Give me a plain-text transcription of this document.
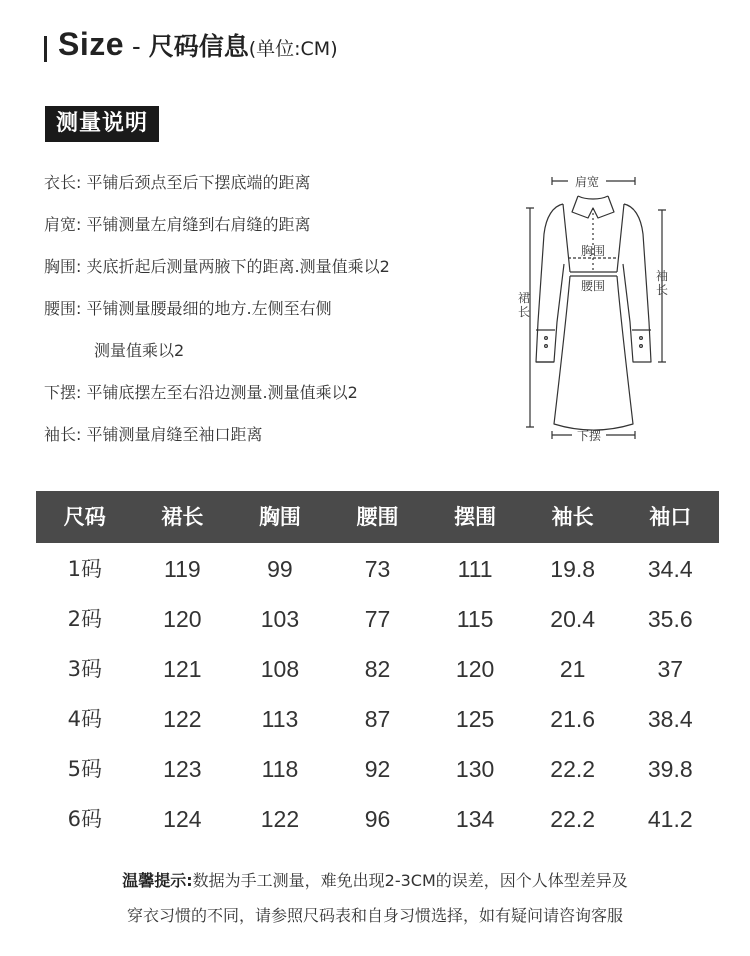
Size - 尺码信息(单位:CM)
测量说明
衣长: 平铺后颈点至后下摆底端的距离
肩宽: 平铺测量左肩缝到右肩缝的距离
胸围: 夹底折起后测量两腋下的距离.测量值乘以2
腰围: 平铺测量腰最细的地方.左侧至右侧
测量值乘以2
下摆: 平铺底摆左至右沿边测量.测量值乘以2
袖长: 平铺测量肩缝至袖口距离
肩宽
胸围
腰围
裙
长
袖
长
下摆
尺码	裙长	胸围	腰围	摆围	袖长	袖口
1码	119	99	73	111	19.8	34.4
2码	120	103	77	115	20.4	35.6
3码	121	108	82	120	21	37
4码	122	113	87	125	21.6	38.4
5码	123	118	92	130	22.2	39.8
6码	124	122	96	134	22.2	41.2
温馨提示:数据为手工测量，难免出现2-3CM的误差，因个人体型差异及
穿衣习惯的不同，请参照尺码表和自身习惯选择，如有疑问请咨询客服
